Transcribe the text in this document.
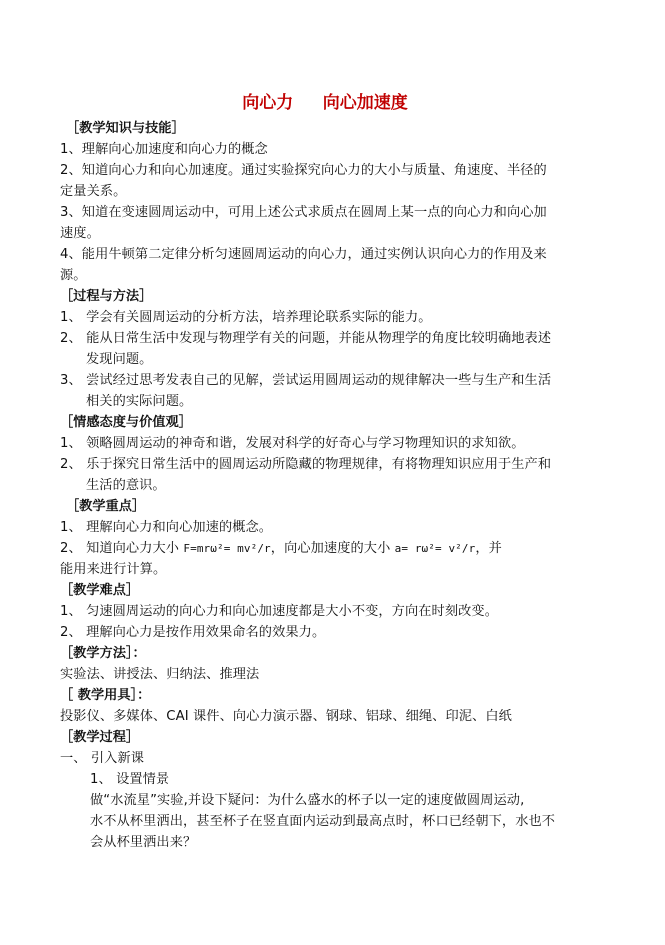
向心力     向心加速度
［教学知识与技能］
1、理解向心加速度和向心力的概念
2、知道向心力和向心加速度。通过实验探究向心力的大小与质量、角速度、半径的
定量关系。
3、知道在变速圆周运动中，可用上述公式求质点在圆周上某一点的向心力和向心加
速度。
4、能用牛顿第二定律分析匀速圆周运动的向心力，通过实例认识向心力的作用及来
源。
［过程与方法］
1、 学会有关圆周运动的分析方法，培养理论联系实际的能力。
2、 能从日常生活中发现与物理学有关的问题，并能从物理学的角度比较明确地表述
发现问题。
3、 尝试经过思考发表自己的见解，尝试运用圆周运动的规律解决一些与生产和生活
相关的实际问题。
［情感态度与价值观］
1、 领略圆周运动的神奇和谐，发展对科学的好奇心与学习物理知识的求知欲。
2、 乐于探究日常生活中的圆周运动所隐藏的物理规律，有将物理知识应用于生产和
生活的意识。
［教学重点］
1、 理解向心力和向心加速的概念。
2、 知道向心力大小 F=mrω²= mv²/r，向心加速度的大小 a= rω²= v²/r，并
能用来进行计算。
［教学难点］
1、 匀速圆周运动的向心力和向心加速度都是大小不变，方向在时刻改变。
2、 理解向心力是按作用效果命名的效果力。
［教学方法］：
实验法、讲授法、归纳法、推理法
［ 教学用具］：
投影仪、多媒体、CAI 课件、向心力演示器、钢球、铝球、细绳、印泥、白纸
［教学过程］
一、 引入新课
1、 设置情景
做“水流星”实验,并设下疑问：为什么盛水的杯子以一定的速度做圆周运动,
水不从杯里洒出，甚至杯子在竖直面内运动到最高点时，杯口已经朝下，水也不
会从杯里洒出来？
